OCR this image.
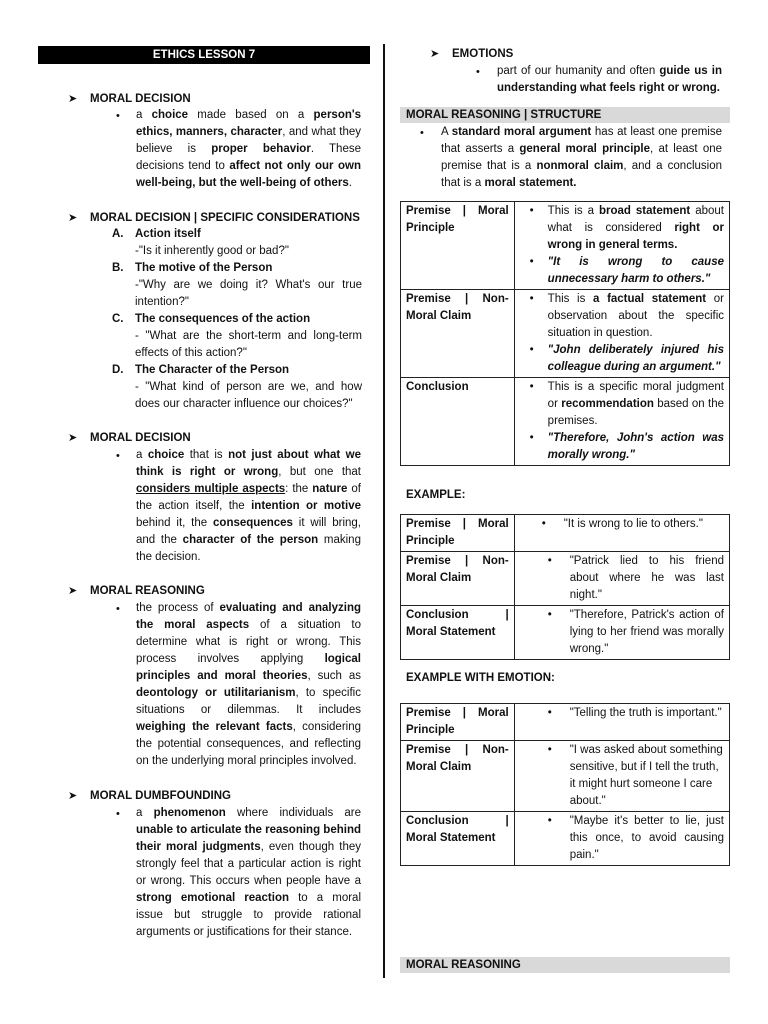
ETHICS LESSON 7
➤ MORAL DECISION
• a choice made based on a person's ethics, manners, character, and what they believe is proper behavior. These decisions tend to affect not only our own well-being, but the well-being of others.
➤ MORAL DECISION | SPECIFIC CONSIDERATIONS
A. Action itself
-"Is it inherently good or bad?"
B. The motive of the Person
-"Why are we doing it? What's our true intention?"
C. The consequences of the action
- "What are the short-term and long-term effects of this action?"
D. The Character of the Person
- "What kind of person are we, and how does our character influence our choices?"
➤ MORAL DECISION
• a choice that is not just about what we think is right or wrong, but one that considers multiple aspects: the nature of the action itself, the intention or motive behind it, the consequences it will bring, and the character of the person making the decision.
➤ MORAL REASONING
• the process of evaluating and analyzing the moral aspects of a situation to determine what is right or wrong. This process involves applying logical principles and moral theories, such as deontology or utilitarianism, to specific situations or dilemmas. It includes weighing the relevant facts, considering the potential consequences, and reflecting on the underlying moral principles involved.
➤ MORAL DUMBFOUNDING
• a phenomenon where individuals are unable to articulate the reasoning behind their moral judgments, even though they strongly feel that a particular action is right or wrong. This occurs when people have a strong emotional reaction to a moral issue but struggle to provide rational arguments or justifications for their stance.
➤ EMOTIONS
• part of our humanity and often guide us in understanding what feels right or wrong.
MORAL REASONING | STRUCTURE
• A standard moral argument has at least one premise that asserts a general moral principle, at least one premise that is a nonmoral claim, and a conclusion that is a moral statement.
Premise | Moral Principle	• This is a broad statement about what is considered right or wrong in general terms.
• "It is wrong to cause unnecessary harm to others."

Premise | Non-Moral Claim	• This is a factual statement or observation about the specific situation in question.
• "John deliberately injured his colleague during an argument."

Conclusion	• This is a specific moral judgment or recommendation based on the premises.
• "Therefore, John's action was morally wrong."
EXAMPLE:
Premise | Moral Principle	• "It is wrong to lie to others."

Premise | Non-Moral Claim	• "Patrick lied to his friend about where he was last night."

Conclusion | Moral Statement	• "Therefore, Patrick's action of lying to her friend was morally wrong."
EXAMPLE WITH EMOTION:
Premise | Moral Principle	• "Telling the truth is important."

Premise | Non-Moral Claim	• "I was asked about something sensitive, but if I tell the truth, it might hurt someone I care about."

Conclusion | Moral Statement	• "Maybe it's better to lie, just this once, to avoid causing pain."
MORAL REASONING
